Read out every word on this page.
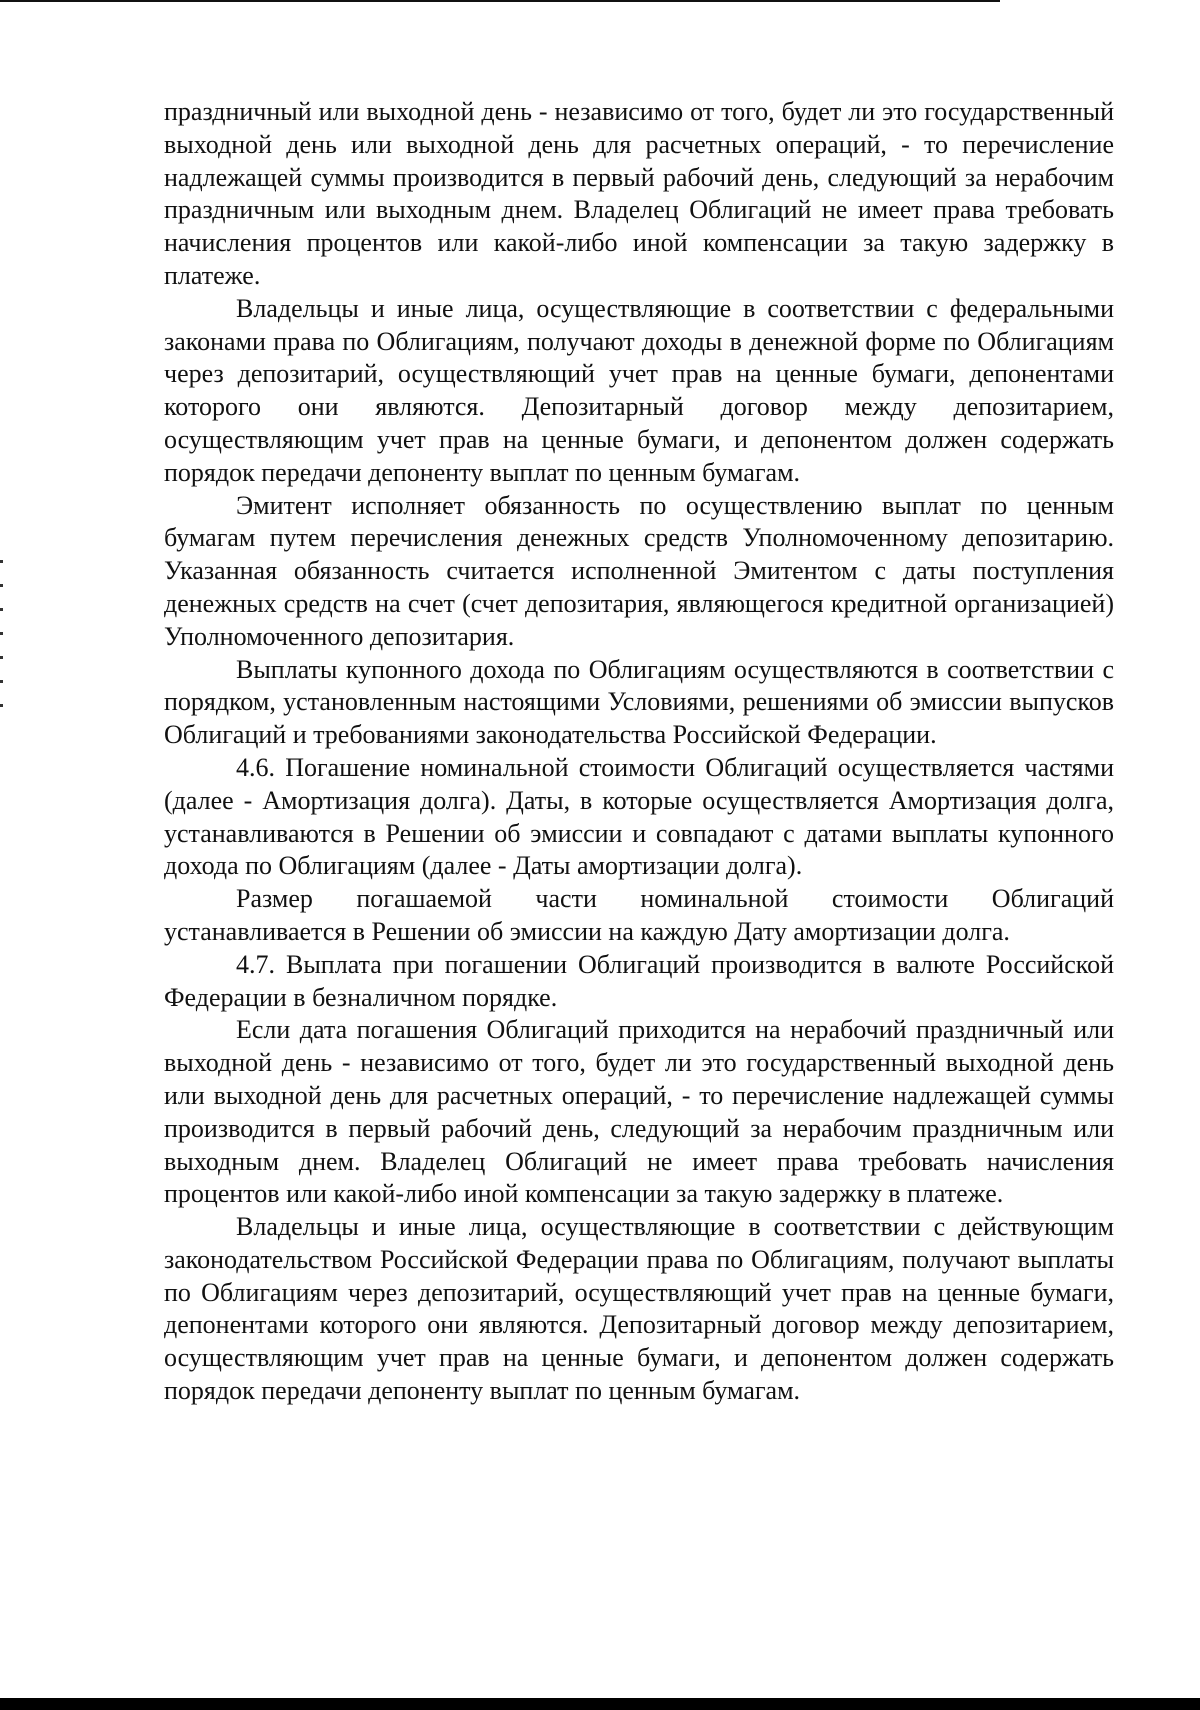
праздничный или выходной день - независимо от того, будет ли это государственный выходной день или выходной день для расчетных операций, - то перечисление надлежащей суммы производится в первый рабочий день, следующий за нерабочим праздничным или выходным днем. Владелец Облигаций не имеет права требовать начисления процентов или какой-либо иной компенсации за такую задержку в платеже.

Владельцы и иные лица, осуществляющие в соответствии с федеральными законами права по Облигациям, получают доходы в денежной форме по Облигациям через депозитарий, осуществляющий учет прав на ценные бумаги, депонентами которого они являются. Депозитарный договор между депозитарием, осуществляющим учет прав на ценные бумаги, и депонентом должен содержать порядок передачи депоненту выплат по ценным бумагам.

Эмитент исполняет обязанность по осуществлению выплат по ценным бумагам путем перечисления денежных средств Уполномоченному депозитарию. Указанная обязанность считается исполненной Эмитентом с даты поступления денежных средств на счет (счет депозитария, являющегося кредитной организацией) Уполномоченного депозитария.

Выплаты купонного дохода по Облигациям осуществляются в соответствии с порядком, установленным настоящими Условиями, решениями об эмиссии выпусков Облигаций и требованиями законодательства Российской Федерации.

4.6. Погашение номинальной стоимости Облигаций осуществляется частями (далее - Амортизация долга). Даты, в которые осуществляется Амортизация долга, устанавливаются в Решении об эмиссии и совпадают с датами выплаты купонного дохода по Облигациям (далее - Даты амортизации долга).

Размер погашаемой части номинальной стоимости Облигаций устанавливается в Решении об эмиссии на каждую Дату амортизации долга.

4.7. Выплата при погашении Облигаций производится в валюте Российской Федерации в безналичном порядке.

Если дата погашения Облигаций приходится на нерабочий праздничный или выходной день - независимо от того, будет ли это государственный выходной день или выходной день для расчетных операций, - то перечисление надлежащей суммы производится в первый рабочий день, следующий за нерабочим праздничным или выходным днем. Владелец Облигаций не имеет права требовать начисления процентов или какой-либо иной компенсации за такую задержку в платеже.

Владельцы и иные лица, осуществляющие в соответствии с действующим законодательством Российской Федерации права по Облигациям, получают выплаты по Облигациям через депозитарий, осуществляющий учет прав на ценные бумаги, депонентами которого они являются. Депозитарный договор между депозитарием, осуществляющим учет прав на ценные бумаги, и депонентом должен содержать порядок передачи депоненту выплат по ценным бумагам.
